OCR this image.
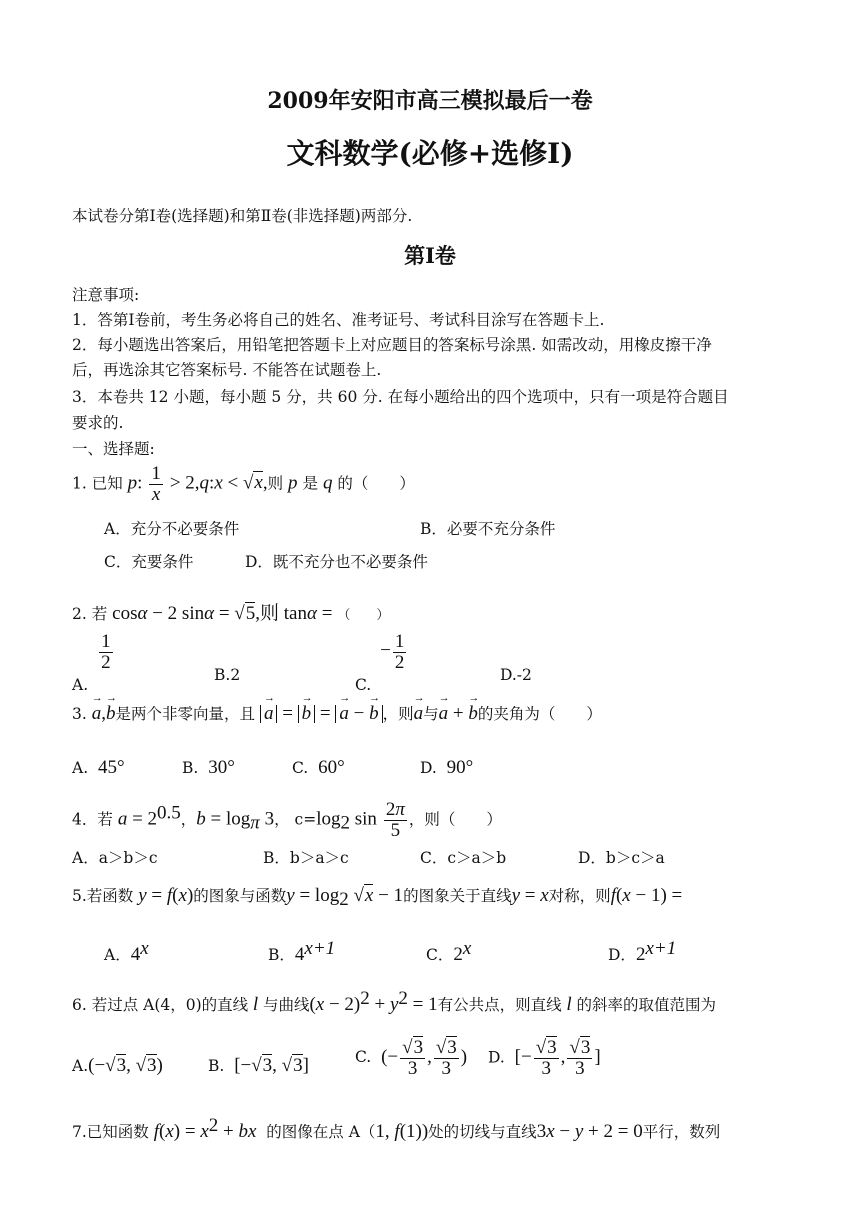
2009年安阳市高三模拟最后一卷
文科数学(必修+选修Ⅰ)
本试卷分第Ⅰ卷(选择题)和第Ⅱ卷(非选择题)两部分.
第Ⅰ卷
注意事项:
1．答第Ⅰ卷前，考生务必将自己的姓名、准考证号、考试科目涂写在答题卡上.
2．每小题选出答案后，用铅笔把答题卡上对应题目的答案标号涂黑. 如需改动，用橡皮擦干净
后，再选涂其它答案标号. 不能答在试题卷上.
3．本卷共 12 小题，每小题 5 分，共 60 分. 在每小题给出的四个选项中，只有一项是符合题目
要求的.
一、选择题:
1. 已知 p: $\frac{1}{x}$ > 2,q:x < √x,则 p 是 q 的（　　）
A．充分不必要条件	B．必要不充分条件
C．充要条件	D．既不充分也不必要条件
2. 若 cosα − 2 sinα = √5,则 tanα = （　　）
A.
$\frac{1}{2}$
B.2
C. − $\frac{1}{2}$
D.-2
3. → a,→ b是两个非零向量，且 → a = → b = → a − → b ，则→ a与→ a + → b的夹角为（　　）
A. 45°	B. 30°	C. 60°	D. 90°
4．若 $a = 2^{0.5}$，$b = \log_\pi 3$， $c=\log_2$ $\sin \frac{2\pi}{5}$ ，则（　　）
A．a＞b＞c	B．b＞a＞c	C．c＞a＞b	D．b＞c＞a
5.若函数 y = f(x)的图象与函数$y = \log_2 √x - 1$的图象关于直线y = x对称，则f(x − 1) =
A．4$^x$	B．$4^{x+1}$	C．2$^x$	D．$2^{x+1}$
6. 若过点 A(4，0)的直线 l 与曲线$(x - 2)^2 + y^2 = 1$有公共点，则直线 l 的斜率的取值范围为
A.(−√3, √3)	B. [−√3, √3]	C. (− $\frac{√3}{3}$ , $\frac{√3}{3}$ ) D. [− $\frac{√3}{3}$ , $\frac{√3}{3}$ ]
7.已知函数 $f(x) = x^2$ + bx 的图像在点 A（1, f(1))处的切线与直线3x − y + 2 = 0平行，数列
